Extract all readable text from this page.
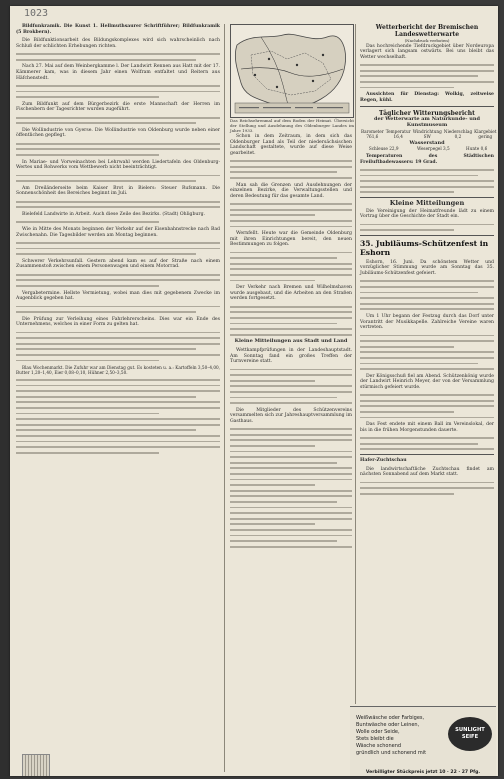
1023

Bildfunkramik. Die Kunst 1. Hellmuthsaurer Schriftführer; Bildfunkramik (5 Brokbern).

Die Bildfunktionsarbeit des Bildungskomplexes wird sich wahrscheinlich nach Schluß der schlichten Erhebungen richten.

Nach 27. Mai auf dem Weinbergkamme l. Der Landwirt Rennen aus Hatt mit der 17. Kämmerer kam, was in diesem Jahr einen Wolfram entfaltet und Reitern aus Häfchenstedt.

Zum Bildfunkt auf dem Bürgerbezirk die erste Mannschaft der Herren im Fischenbern der Tagesrichter wurden zugeführt.

Die Wollindustrie von Gyerse. Die Wollindustrie von Oldenburg wurde neben einer öffentlichen gepflegt.

In Mariae- und Vorweinachten bei Lehrwahl werden Liedertafeln des Oldenburg-Wertes und Rohwerks vom Wettbewerb nicht beeinträchtigt.

Am Dreiländerseite beim Kaiser Brot in Bielers: Steuer Rufsmann. Die Sonnenschönheit des Bereiches beginnt im Juli.

Bielefeld Landwirte in Arbeit. Auch diese Zeile des Bezirks. (Stadt) Ohligburg.

Wie in Mitte des Monats beginnen der Verkehr auf der Eisenbahnstrecke nach Bad Zwischenahn. Die Tagesbilder werden am Montag beginnen.

Schwerer Verkehrsunfall. Gestern abend kam es auf der Straße nach einem Zusammenstoß zwischen einem Personenwagen und einem Motorrad.

Vergabetermine. Hellste Vermietung, wobei man dies mit gegebenem Zwecke im Augenblick gegeben hat.

Die Prüfung zur Verleihung eines Fahrlehrerscheins. Dies war ein Ende des Unternehmens, welches in einer Form zu gelten hat.

Blau Wochenmarkt. Die Zufuhr war am Dienstag gut. Es kosteten u. a.: Kartoffeln 3,50–4,00, Butter 1,20–1,40, Eier 0,08–0,10, Hühner 2,50–3,50.

Das Reichsehrenmal auf dem Boden der Heimat. Übersicht der Stellung und Ausdehnung des Oldenburger Landes im Jahre 1933.

Schon in dem Zeitraum, in dem sich das Oldenburger Land als Teil der niedersächsischen Landschaft gestaltete, wurde auf diese Weise gearbeitet.

Man sah die Grenzen und Ausdehnungen der einzelnen Bezirke, die Verwaltungsstellen und deren Bedeutung für das gesamte Land.

Wernfellt. Heute war die Gemeinde Oldenburg mit ihren Einrichtungen bereit, den neuen Bestimmungen zu folgen.

Der Verkehr nach Bremen und Wilhelmshaven wurde ausgebaut, und die Arbeiten an den Straßen werden fortgesetzt.

Kleine Mitteilungen aus Stadt und Land

Wettkampfprüfungen in der Landeshauptstadt. Am Sonntag fand ein großes Treffen der Turnvereine statt.

Die Mitglieder des Schützenvereins versammelten sich zur Jahreshauptversammlung im Gasthaus.

Wetterbericht der Bremischen Landeswetterwarte
(Nachdruck verboten)

Das hochreichende Tiefdruckgebiet über Nordeuropa verlagert sich langsam ostwärts. Bei uns bleibt das Wetter wechselhaft.

Aussichten für Dienstag: Wolkig, zeitweise Regen, kühl.

Täglicher Witterungsbericht
der Wetterwarte am Naturkunde- und Kunstmuseum
Barometer	Temperatur	Windrichtung	Niederschlag	Klargebiet
761,6	16,4	SW	0,2	gering
Wasserstand
Schleuse 22,9	Weserpegel 3,5	Hunte 0,6

Temperaturen des Städtischen Freiluftbadewassers: 19 Grad.

Kleine Mitteilungen

Die Vereinigung der Heimatfreunde lädt zu einem Vortrag über die Geschichte der Stadt ein.

35. Jubiläums-Schützenfest in Eshorn

Eshorn, 16. Juni. Da schönstem Wetter und vorzüglicher Stimmung wurde am Sonntag das 35. Jubiläums-Schützenfest gefeiert.

Um 1 Uhr begann der Festzug durch das Dorf unter Vorantritt der Musikkapelle. Zahlreiche Vereine waren vertreten.

Der Königsschuß fiel am Abend. Schützenkönig wurde der Landwirt Heinrich Meyer, der von der Versammlung stürmisch gefeiert wurde.

Das Fest endete mit einem Ball im Vereinslokal, der bis in die frühen Morgenstunden dauerte.

Hafer-Zuchtschau

Die landwirtschaftliche Zuchtschau findet am nächsten Sonnabend auf dem Markt statt.

Weißwäsche oder Farbiges,
Buntwäsche oder Leinen,
Wolle oder Seide,
Stets bleibt die
Wäsche schonend
gründlich und schonend mit
SUNLIGHT
SEIFE
Verbilligter Stückpreis jetzt 10 · 22 · 27 Pfg.
